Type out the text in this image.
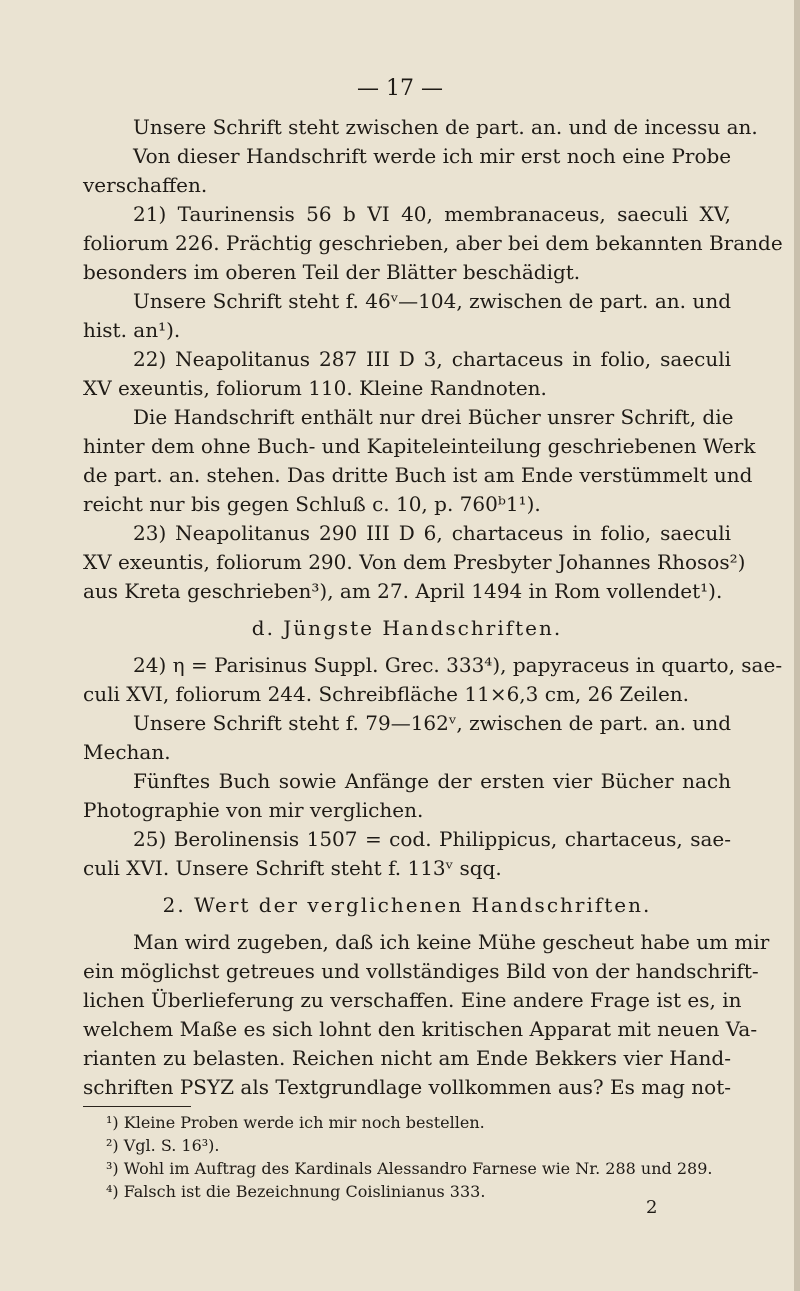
— 17 —
Unsere Schrift steht zwischen de part. an. und de incessu an.
Von dieser Handschrift werde ich mir erst noch eine Probe
verschaffen.
21) Taurinensis 56 b VI 40, membranaceus, saeculi XV,
foliorum 226. Prächtig geschrieben, aber bei dem bekannten Brande
besonders im oberen Teil der Blätter beschädigt.
Unsere Schrift steht f. 46ᵛ—104, zwischen de part. an. und
hist. an¹).
22) Neapolitanus 287 III D 3, chartaceus in folio, saeculi
XV exeuntis, foliorum 110. Kleine Randnoten.
Die Handschrift enthält nur drei Bücher unsrer Schrift, die
hinter dem ohne Buch- und Kapiteleinteilung geschriebenen Werk
de part. an. stehen. Das dritte Buch ist am Ende verstümmelt und
reicht nur bis gegen Schluß c. 10, p. 760ᵇ1¹).
23) Neapolitanus 290 III D 6, chartaceus in folio, saeculi
XV exeuntis, foliorum 290. Von dem Presbyter Johannes Rhosos²)
aus Kreta geschrieben³), am 27. April 1494 in Rom vollendet¹).
d. Jüngste Handschriften.
24) η = Parisinus Suppl. Grec. 333⁴), papyraceus in quarto, sae-
culi XVI, foliorum 244. Schreibfläche 11×6,3 cm, 26 Zeilen.
Unsere Schrift steht f. 79—162ᵛ, zwischen de part. an. und
Mechan.
Fünftes Buch sowie Anfänge der ersten vier Bücher nach
Photographie von mir verglichen.
25) Berolinensis 1507 = cod. Philippicus, chartaceus, sae-
culi XVI. Unsere Schrift steht f. 113ᵛ sqq.
2. Wert der verglichenen Handschriften.
Man wird zugeben, daß ich keine Mühe gescheut habe um mir
ein möglichst getreues und vollständiges Bild von der handschrift-
lichen Überlieferung zu verschaffen. Eine andere Frage ist es, in
welchem Maße es sich lohnt den kritischen Apparat mit neuen Va-
rianten zu belasten. Reichen nicht am Ende Bekkers vier Hand-
schriften PSYZ als Textgrundlage vollkommen aus? Es mag not-
¹) Kleine Proben werde ich mir noch bestellen.
²) Vgl. S. 16³).
³) Wohl im Auftrag des Kardinals Alessandro Farnese wie Nr. 288 und 289.
⁴) Falsch ist die Bezeichnung Coislinianus 333.
2
